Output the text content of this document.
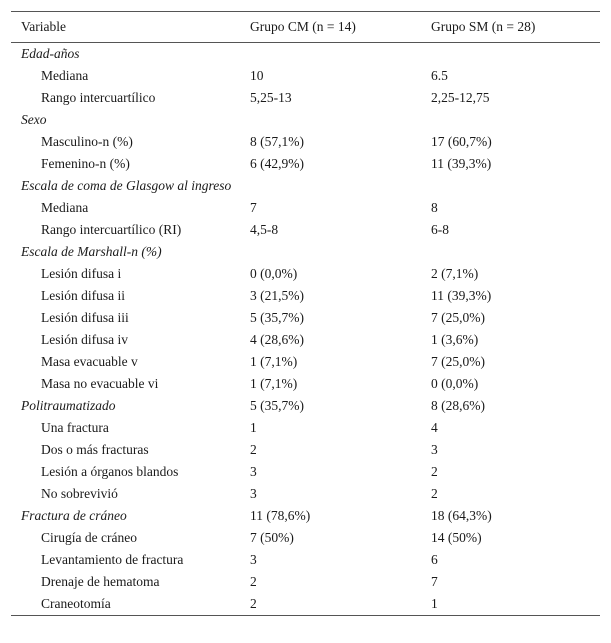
Variable	Grupo CM (n = 14)	Grupo SM (n = 28)
Edad-años		
Mediana	10	6.5
Rango intercuartílico	5,25-13	2,25-12,75
Sexo		
Masculino-n (%)	8 (57,1%)	17 (60,7%)
Femenino-n (%)	6 (42,9%)	11 (39,3%)
Escala de coma de Glasgow al ingreso		
Mediana	7	8
Rango intercuartílico (RI)	4,5-8	6-8
Escala de Marshall-n (%)		
Lesión difusa i	0 (0,0%)	2 (7,1%)
Lesión difusa ii	3 (21,5%)	11 (39,3%)
Lesión difusa iii	5 (35,7%)	7 (25,0%)
Lesión difusa iv	4 (28,6%)	1 (3,6%)
Masa evacuable v	1 (7,1%)	7 (25,0%)
Masa no evacuable vi	1 (7,1%)	0 (0,0%)
Politraumatizado	5 (35,7%)	8 (28,6%)
Una fractura	1	4
Dos o más fracturas	2	3
Lesión a órganos blandos	3	2
No sobrevivió	3	2
Fractura de cráneo	11 (78,6%)	18 (64,3%)
Cirugía de cráneo	7 (50%)	14 (50%)
Levantamiento de fractura	3	6
Drenaje de hematoma	2	7
Craneotomía	2	1
